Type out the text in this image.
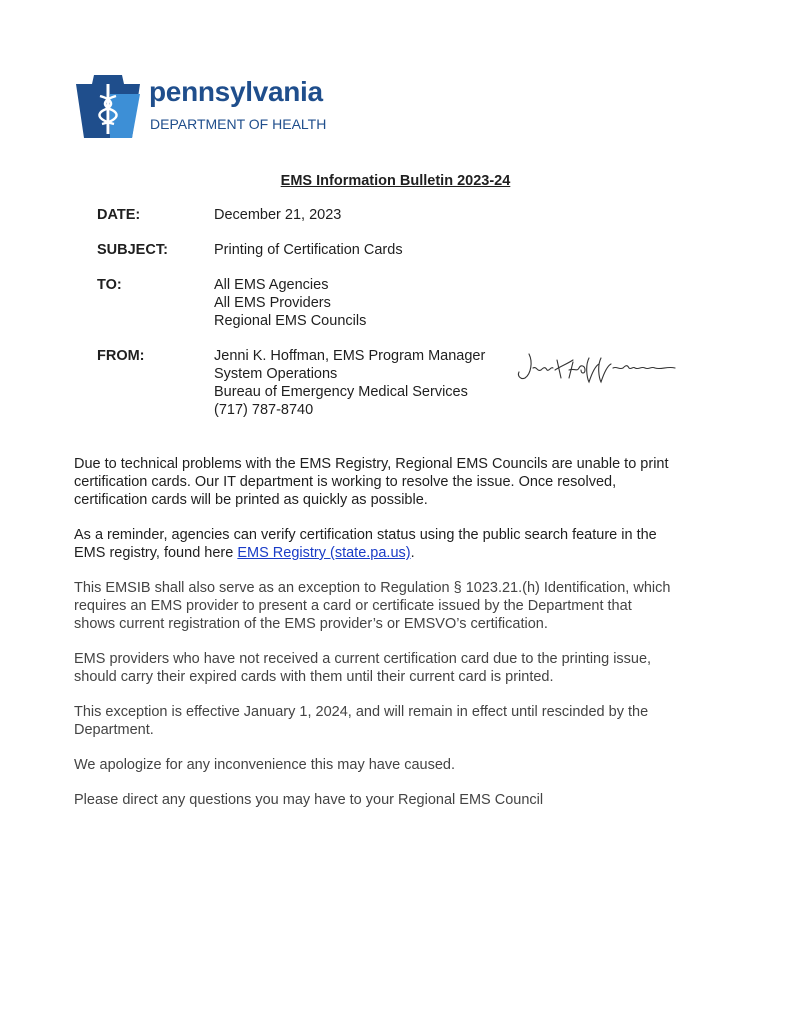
pennsylvania
DEPARTMENT OF HEALTH
EMS Information Bulletin 2023-24
DATE:	December 21, 2023
SUBJECT:	Printing of Certification Cards
TO:	All EMS Agencies
All EMS Providers
Regional EMS Councils
FROM:	Jenni K. Hoffman, EMS Program Manager
System Operations
Bureau of Emergency Medical Services
(717) 787-8740
Due to technical problems with the EMS Registry, Regional EMS Councils are unable to print
certification cards. Our IT department is working to resolve the issue. Once resolved,
certification cards will be printed as quickly as possible.
As a reminder, agencies can verify certification status using the public search feature in the
EMS registry, found here EMS Registry (state.pa.us).
This EMSIB shall also serve as an exception to Regulation § 1023.21.(h) Identification, which
requires an EMS provider to present a card or certificate issued by the Department that
shows current registration of the EMS provider’s or EMSVO’s certification.
EMS providers who have not received a current certification card due to the printing issue,
should carry their expired cards with them until their current card is printed.
This exception is effective January 1, 2024, and will remain in effect until rescinded by the
Department.
We apologize for any inconvenience this may have caused.
Please direct any questions you may have to your Regional EMS Council
